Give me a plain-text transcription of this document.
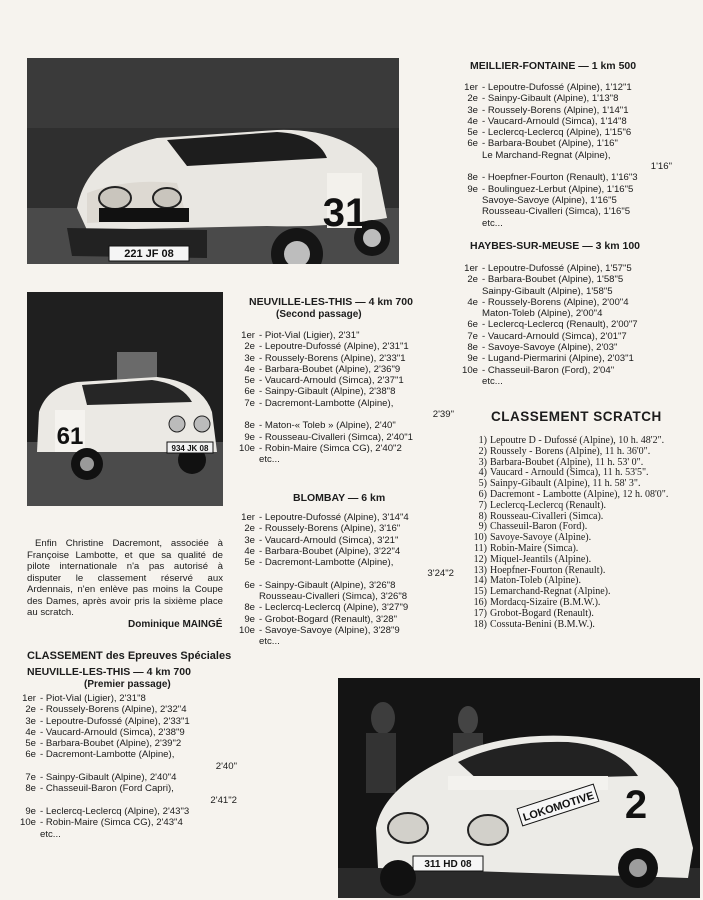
31
221 JF 08
MEILLIER-FONTAINE — 1 km 500
1er - Lepoutre-Dufossé (Alpine), 1'12"1
2e - Sainpy-Gibault (Alpine), 1'13"8
3e - Roussely-Borens (Alpine), 1'14"1
4e - Vaucard-Arnould (Simca), 1'14"8
5e - Leclercq-Leclercq (Alpine), 1'15"6
6e - Barbara-Boubet (Alpine), 1'16"
Le Marchand-Regnat (Alpine),
1'16"
8e - Hoepfner-Fourton (Renault), 1'16"3
9e - Boulinguez-Lerbut (Alpine), 1'16"5
Savoye-Savoye (Alpine), 1'16"5
Rousseau-Civalleri (Simca), 1'16"5
etc...
HAYBES-SUR-MEUSE — 3 km 100
1er - Lepoutre-Dufossé (Alpine), 1'57"5
2e - Barbara-Boubet (Alpine), 1'58"5
Sainpy-Gibault (Alpine), 1'58"5
4e - Roussely-Borens (Alpine), 2'00"4
Maton-Toleb (Alpine), 2'00"4
6e - Leclercq-Leclercq (Renault), 2'00"7
7e - Vaucard-Arnould (Simca), 2'01"7
8e - Savoye-Savoye (Alpine), 2'03"
9e - Lugand-Piermarini (Alpine), 2'03"1
10e - Chasseuil-Baron (Ford), 2'04"
etc...
61	934 JK 08
NEUVILLE-LES-THIS — 4 km 700
(Second passage)
1er - Piot-Vial (Ligier), 2'31"
2e - Lepoutre-Dufossé (Alpine), 2'31"1
3e - Roussely-Borens (Alpine), 2'33"1
4e - Barbara-Boubet (Alpine), 2'36"9
5e - Vaucard-Arnould (Simca), 2'37"1
6e - Sainpy-Gibault (Alpine), 2'38"8
7e - Dacremont-Lambotte (Alpine),
2'39"
8e - Maton-« Toleb » (Alpine), 2'40"
9e - Rousseau-Civalleri (Simca), 2'40"1
10e - Robin-Maire (Simca CG), 2'40"2
etc...
BLOMBAY — 6 km
1er - Lepoutre-Dufossé (Alpine), 3'14"4
2e - Roussely-Borens (Alpine), 3'16"
3e - Vaucard-Arnould (Simca), 3'21"
4e - Barbara-Boubet (Alpine), 3'22"4
5e - Dacremont-Lambotte (Alpine),
3'24"2
6e - Sainpy-Gibault (Alpine), 3'26"8
Rousseau-Civalleri (Simca), 3'26"8
8e - Leclercq-Leclercq (Alpine), 3'27"9
9e - Grobot-Bogard (Renault), 3'28"
10e - Savoye-Savoye (Alpine), 3'28"9
etc...
Enfin Christine Dacremont, associée à Françoise Lambotte, et que sa qualité de pilote internationale n'a pas autorisé à disputer le classement réservé aux Ardennais, n'en enlève pas moins la Coupe des Dames, après avoir pris la sixième place au scratch.
Dominique MAINGÉ
CLASSEMENT des Epreuves Spéciales
NEUVILLE-LES-THIS — 4 km 700
(Premier passage)
1er - Piot-Vial (Ligier), 2'31"8
2e - Roussely-Borens (Alpine), 2'32"4
3e - Lepoutre-Dufossé (Alpine), 2'33"1
4e - Vaucard-Arnould (Simca), 2'38"9
5e - Barbara-Boubet (Alpine), 2'39"2
6e - Dacremont-Lambotte (Alpine),
2'40"
7e - Sainpy-Gibault (Alpine), 2'40"4
8e - Chasseuil-Baron (Ford Capri),
2'41"2
9e - Leclercq-Leclercq (Alpine), 2'43"3
10e - Robin-Maire (Simca CG), 2'43"4
etc...
CLASSEMENT SCRATCH
1) Lepoutre D - Dufossé (Alpine), 10 h. 48'2".
2) Roussely - Borens (Alpine), 11 h. 36'0".
3) Barbara-Boubet (Alpine), 11 h. 53' 0".
4) Vaucard - Arnould (Simca), 11 h. 53'5".
5) Sainpy-Gibault (Alpine), 11 h. 58' 3".
6) Dacremont - Lambotte (Alpine), 12 h. 08'0".
7) Leclercq-Leclercq (Renault).
8) Rousseau-Civalleri (Simca).
9) Chasseuil-Baron (Ford).
10) Savoye-Savoye (Alpine).
11) Robin-Maire (Simca).
12) Miquel-Jeantils (Alpine).
13) Hoepfner-Fourton (Renault).
14) Maton-Toleb (Alpine).
15) Lemarchand-Regnat (Alpine).
16) Mordacq-Sizaire (B.M.W.).
17) Grobot-Bogard (Renault).
18) Cossuta-Benini (B.M.W.).
LOKOMOTIVE 2
311 HD 08
